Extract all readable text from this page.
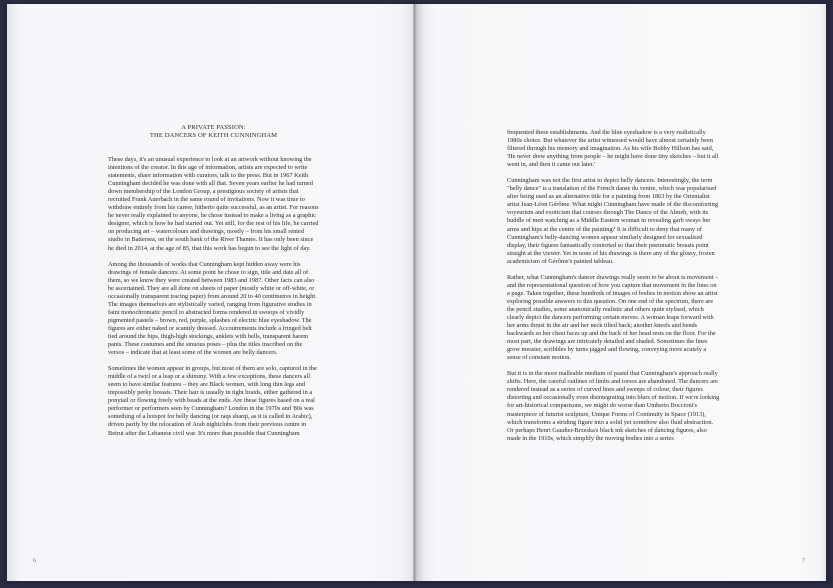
A PRIVATE PASSION:
THE DANCERS OF KEITH CUNNINGHAM

These days, it's an unusual experience to look at an artwork without knowing the intentions of the creator. In this age of information, artists are expected to write statements, share information with curators, talk to the press. But in 1967 Keith Cunningham decided he was done with all that. Seven years earlier he had turned down membership of the London Group, a prestigious society of artists that recruited Frank Auerbach in the same round of invitations. Now it was time to withdraw entirely from his career, hitherto quite successful, as an artist. For reasons he never really explained to anyone, he chose instead to make a living as a graphic designer, which is how he had started out. Yet still, for the rest of his life, he carried on producing art – watercolours and drawings, mostly – from his small rented studio in Battersea, on the south bank of the River Thames. It has only been since he died in 2014, at the age of 85, that this work has begun to see the light of day.

Among the thousands of works that Cunningham kept hidden away were his drawings of female dancers. At some point he chose to sign, title and date all of them, so we know they were created between 1983 and 1987. Other facts can also be ascertained. They are all done on sheets of paper (mostly white or off-white, or occasionally transparent tracing paper) from around 20 to 40 centimetres in height. The images themselves are stylistically varied, ranging from figurative studies in faint monochromatic pencil to abstracted forms rendered in swoops of vividly pigmented pastels – brown, red, purple, splashes of electric blue eyeshadow. The figures are either naked or scantily dressed. Accoutrements include a fringed belt tied around the hips, thigh-high stockings, anklets with bells, transparent harem pants. These costumes and the sinuous poses – plus the titles inscribed on the versos – indicate that at least some of the women are belly dancers.

Sometimes the women appear in groups, but most of them are solo, captured in the middle of a twirl or a leap or a shimmy. With a few exceptions, these dancers all seem to have similar features – they are Black women, with long thin legs and impossibly perky breasts. Their hair is usually in tight braids, either gathered in a ponytail or flowing freely with beads at the ends. Are these figures based on a real performer or performers seen by Cunningham? London in the 1970s and '80s was something of a hotspot for belly dancing (or raqs sharqi, as it is called in Arabic), driven partly by the relocation of Arab nightclubs from their previous centre in Beirut after the Lebanese civil war. It's more than possible that Cunningham

6

frequented these establishments. And the blue eyeshadow is a very realistically 1980s choice. But whatever the artist witnessed would have almost certainly been filtered through his memory and imagination. As his wife Bobby Hillson has said, 'He never drew anything from people – he might have done tiny sketches – but it all went in, and then it came out later.'

Cunningham was not the first artist to depict belly dancers. Interestingly, the term "belly dance" is a translation of the French danse du ventre, which was popularised after being used as an alternative title for a painting from 1863 by the Orientalist artist Jean-Léon Gérôme. What might Cunningham have made of the discomforting voyeurism and exoticism that courses through The Dance of the Almeh, with its huddle of men watching as a Middle Eastern woman in revealing garb sways her arms and hips at the centre of the painting? It is difficult to deny that many of Cunningham's belly-dancing women appear similarly designed for sexualised display, their figures fantastically contorted so that their pneumatic breasts point straight at the viewer. Yet in none of his drawings is there any of the glossy, frozen academicism of Gérôme's painted tableau.

Rather, what Cunningham's dancer drawings really seem to be about is movement – and the representational question of how you capture that movement in the lines on a page. Taken together, these hundreds of images of bodies in motion show an artist exploring possible answers to this question. On one end of the spectrum, there are the pencil studies, some anatomically realistic and others quite stylised, which clearly depict the dancers performing certain moves. A woman leaps forward with her arms thrust in the air and her neck tilted back; another kneels and bends backwards so her chest faces up and the back of her head rests on the floor. For the most part, the drawings are intricately detailed and shaded. Sometimes the lines grow messier, scribbles by turns jagged and flowing, conveying more acutely a sense of constant motion.

But it is in the more malleable medium of pastel that Cunningham's approach really shifts. Here, the careful outlines of limbs and torsos are abandoned. The dancers are rendered instead as a series of curved lines and sweeps of colour, their figures distorting and occasionally even disintegrating into blurs of motion. If we're looking for art-historical comparisons, we might do worse than Umberto Boccioni's masterpiece of futurist sculpture, Unique Forms of Continuity in Space (1913), which transforms a striding figure into a solid yet somehow also fluid abstraction. Or perhaps Henri Gaudier-Brzeska's black ink sketches of dancing figures, also made in the 1910s, which simplify the moving bodies into a series

7
